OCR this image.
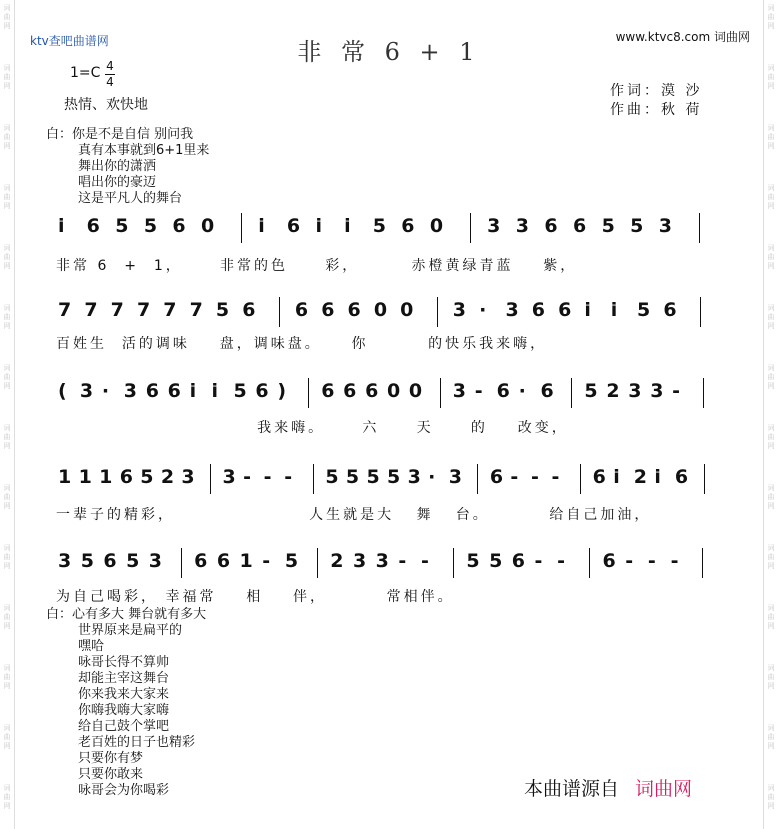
词
曲
网
词
曲
网
词
曲
网
词
曲
网
词
曲
网
词
曲
网
词
曲
网
词
曲
网
词
曲
网
词
曲
网
词
曲
网
词
曲
网
词
曲
网
词
曲
网
词
曲
网
词
曲
网
词
曲
网
词
曲
网
词
曲
网
词
曲
网
词
曲
网
词
曲
网
词
曲
网
词
曲
网
词
曲
网
词
曲
网
词
曲
网
词
曲
网
ktv查吧曲谱网	www.ktvc8.com 词曲网
非 常 6 + 1
1=C 4
4
热情、欢快地
作词：漠 沙
作曲：秋 荷
白：你是不是自信 别问我
真有本事就到6+1里来
舞出你的潇洒
唱出你的豪迈
这是平凡人的舞台
i 6 5 5 6 0 i 6 i i 5 6 0 3 3 6 6 5 5 3
非常 6  +  1，     非常的色     彩，       赤橙黄绿青蓝    紫，
7 7 7 7 7 7 5 6 6 6 6 0 0 3 · 3 6 6 i i 5 6
百姓生  活的调味    盘，调味盘。    你        的快乐我来嗨，
( 3 · 3 6 6 i i 5 6 ) 6 6 6 0 0 3 - 6 · 6 5 2 3 3 -
我来嗨。     六     天     的    改变，
1 1 1 6 5 2 3 3 - - - 5 5 5 5 3 · 3 6 - - - 6 i 2 i 6
一辈子的精彩，                  人生就是大   舞   台。        给自己加油，
3 5 6 5 3 6 6 1 - 5 2 3 3 - - 5 5 6 - - 6 - - -
为自己喝彩， 幸福常    相    伴，        常相伴。
白：心有多大 舞台就有多大
世界原来是扁平的
嘿哈
咏哥长得不算帅
却能主宰这舞台
你来我来大家来
你嗨我嗨大家嗨
给自己鼓个掌吧
老百姓的日子也精彩
只要你有梦
只要你敢来
咏哥会为你喝彩	本曲谱源自 词曲网
